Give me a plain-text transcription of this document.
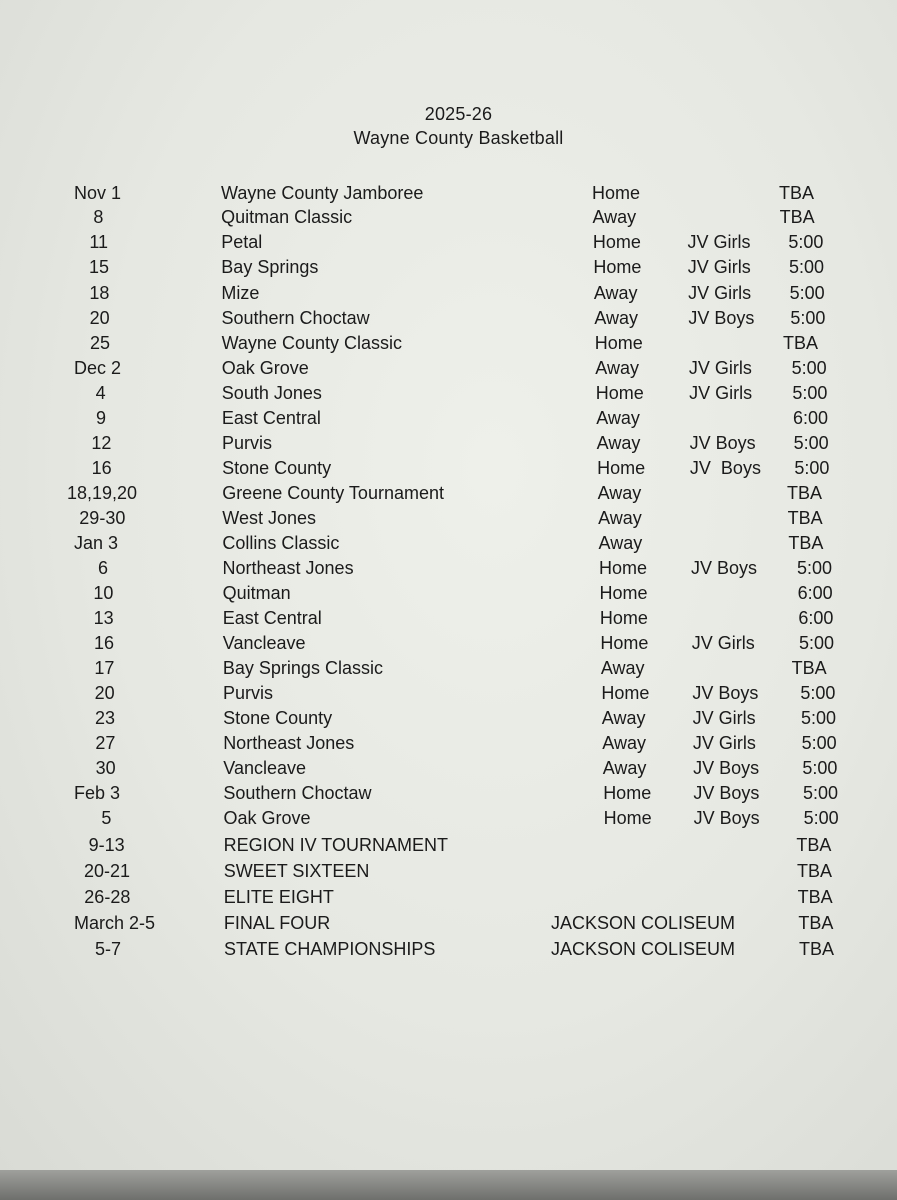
2025-26
Wayne County Basketball
Nov 1	Wayne County Jamboree	Home	TBA
8	Quitman Classic	Away	TBA
11	Petal	Home	JV Girls 5:00
15	Bay Springs	Home	JV Girls 5:00
18	Mize	Away	JV Girls 5:00
20	Southern Choctaw	Away	JV Boys 5:00
25	Wayne County Classic	Home	TBA
Dec 2	Oak Grove	Away	JV Girls 5:00
4	South Jones	Home	JV Girls 5:00
9	East Central	Away	6:00
12	Purvis	Away	JV Boys 5:00
16	Stone County	Home JV  Boys 5:00
18,19,20	Greene County Tournament	Away	TBA
29-30	West Jones	Away	TBA
Jan 3	Collins Classic	Away	TBA
6	Northeast Jones	Home JV Boys 5:00
10	Quitman	Home	6:00
13	East Central	Home	6:00
16	Vancleave	Home JV Girls 5:00
17	Bay Springs Classic	Away	TBA
20	Purvis	Home JV Boys 5:00
23	Stone County	Away	JV Girls	5:00
27	Northeast Jones	Away	JV Girls	5:00
30	Vancleave	Away	JV Boys 5:00
Feb 3	Southern Choctaw	Home JV Boys 5:00
5	Oak Grove	Home JV Boys 5:00
9-13	REGION IV TOURNAMENT	TBA
20-21	SWEET SIXTEEN	TBA
26-28	ELITE EIGHT	TBA
March 2-5	FINAL FOUR	JACKSON COLISEUM	TBA
5-7	STATE CHAMPIONSHIPS	JACKSON COLISEUM	TBA
